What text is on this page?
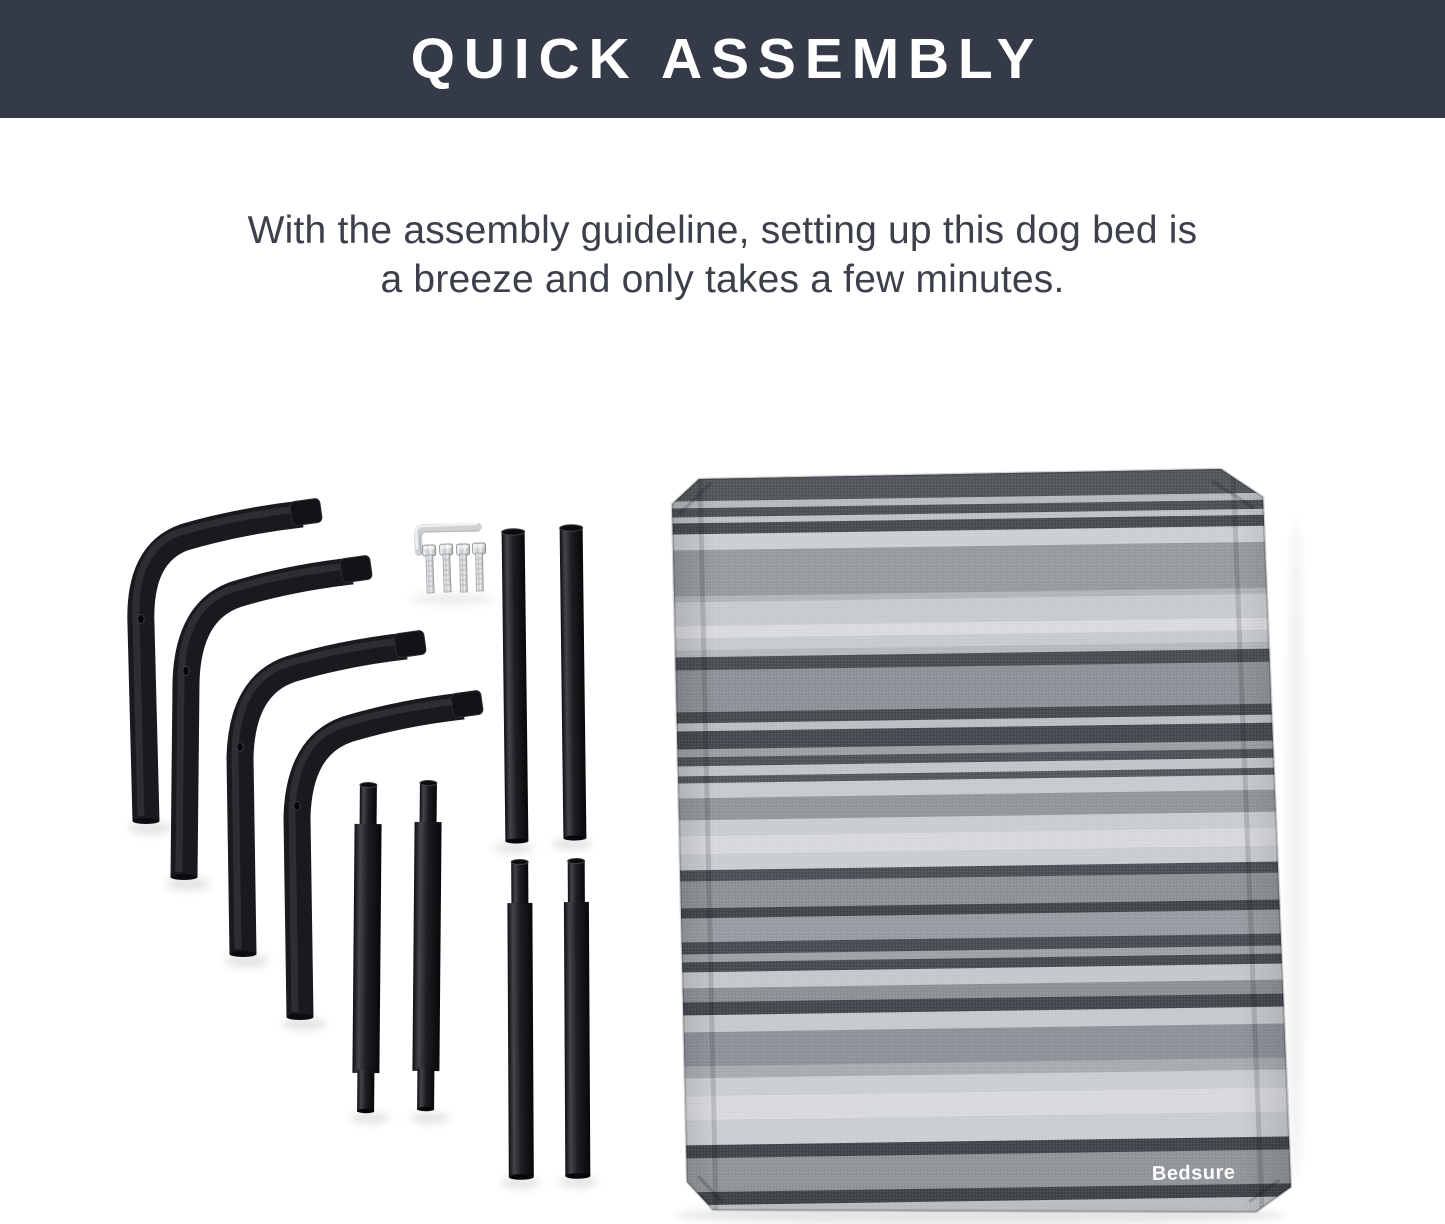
QUICK ASSEMBLY

With the assembly guideline, setting up this dog bed is
a breeze and only takes a few minutes.

Bedsure
